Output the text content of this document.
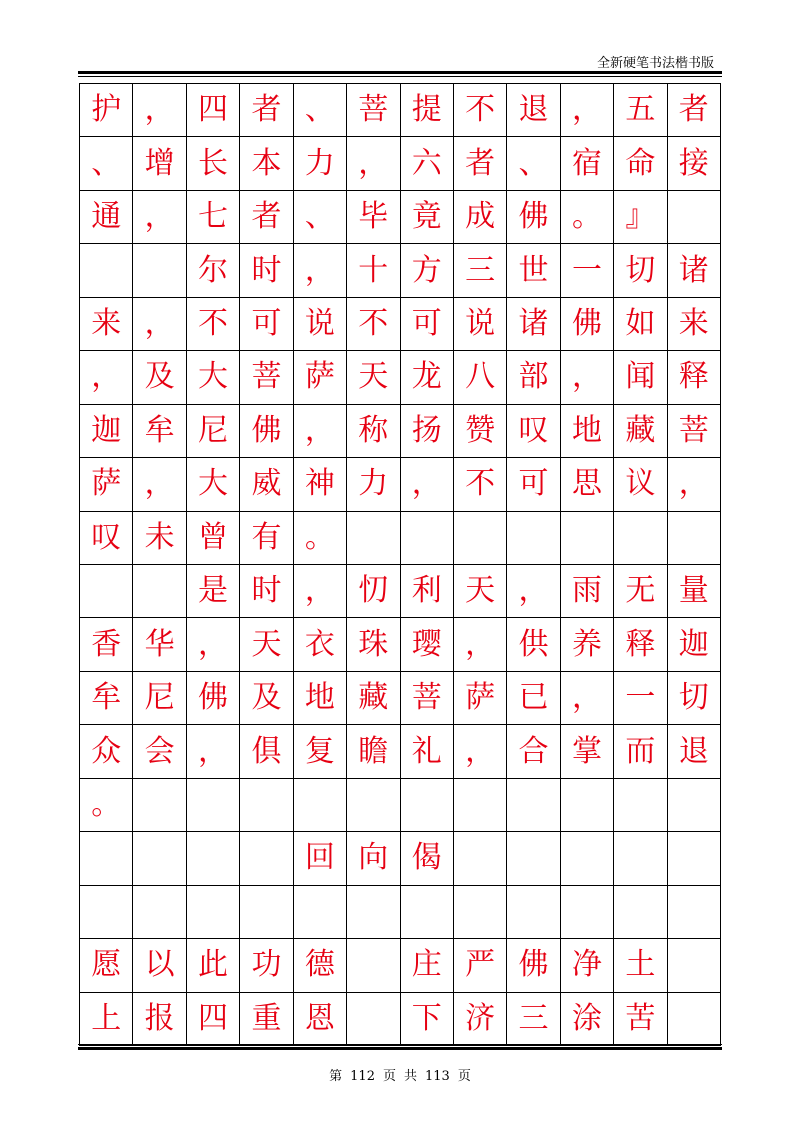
全新硬笔书法楷书版
护 ， 四 者 、 菩 提 不 退 ， 五 者
、 增 长 本 力 ， 六 者 、 宿 命 接
通 ， 七 者 、 毕 竟 成 佛 。 』
尔 时 ， 十 方 三 世 一 切 诸
来 ， 不 可 说 不 可 说 诸 佛 如 来
， 及 大 菩 萨 天 龙 八 部 ， 闻 释
迦 牟 尼 佛 ， 称 扬 赞 叹 地 藏 菩
萨 ， 大 威 神 力 ， 不 可 思 议 ，
叹 未 曾 有 。
是 时 ， 忉 利 天 ， 雨 无 量
香 华 ， 天 衣 珠 璎 ， 供 养 释 迦
牟 尼 佛 及 地 藏 菩 萨 已 ， 一 切
众 会 ， 俱 复 瞻 礼 ， 合 掌 而 退
。
回 向 偈
愿 以 此 功 德	庄 严 佛 净 土
上 报 四 重 恩	下 济 三 涂 苦
第 112 页 共 113 页
